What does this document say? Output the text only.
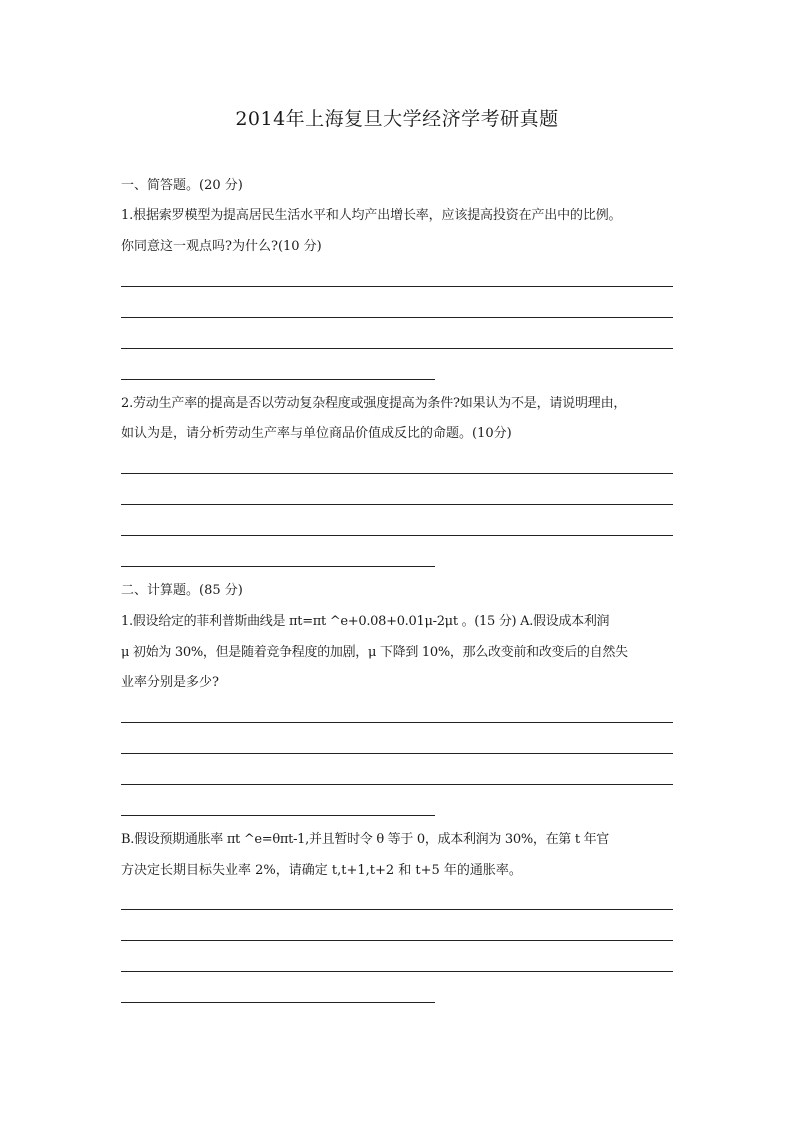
2014年上海复旦大学经济学考研真题
一、简答题。(20 分)
1.根据索罗模型为提高居民生活水平和人均产出增长率，应该提高投资在产出中的比例。
你同意这一观点吗?为什么?(10 分)
2.劳动生产率的提高是否以劳动复杂程度或强度提高为条件?如果认为不是，请说明理由，
如认为是，请分析劳动生产率与单位商品价值成反比的命题。(10分)
二、计算题。(85 分)
1.假设给定的菲利普斯曲线是 πt=πt ^e+0.08+0.01μ-2μt 。(15 分) A.假设成本利润
μ 初始为 30%，但是随着竞争程度的加剧，μ 下降到 10%，那么改变前和改变后的自然失
业率分别是多少?
B.假设预期通胀率 πt ^e=θπt-1,并且暂时令 θ 等于 0，成本利润为 30%，在第 t 年官
方决定长期目标失业率 2%，请确定 t,t+1,t+2 和 t+5 年的通胀率。
